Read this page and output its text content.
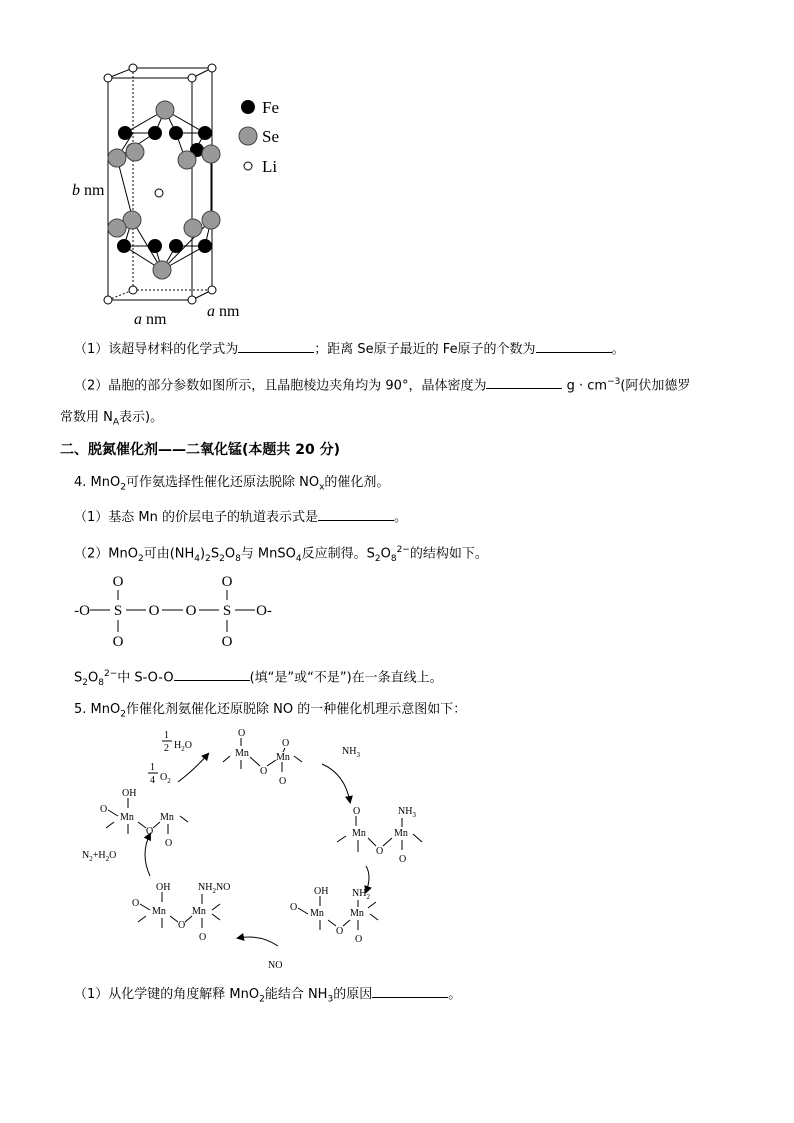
b nm
a nm	a nm
Fe
Se
Li
（1）该超导材料的化学式为	；距离 Se原子最近的 Fe原子的个数为	。
（2）晶胞的部分参数如图所示，且晶胞棱边夹角均为 90°，晶体密度为	$g \cdot cm^{-3}$(阿伏加德罗
常数用 $N_A$表示)。
二、脱氮催化剂——二氧化锰(本题共 20 分)
4. MnO$_2$可作氨选择性催化还原法脱除 $NO_x$的催化剂。
（1）基态 Mn 的价层电子的轨道表示式是	。
（2）MnO$_2$可由$(NH_4)_2S_2O_8$与 MnSO$_4$反应制得。$S_2O_8^{2-}$的结构如下。
O	O
-O S O O S O-
O	O
$S_2O_8^{2-}$中 S-O-O	(填“是”或“不是”)在一条直线上。
5. MnO$_2$作催化剂氨催化还原脱除 NO 的一种催化机理示意图如下：
1
2 $H_2O$
1
4 $O_2$
O
Mn
O
Mn
O
O
$NH_3$
O
Mn
O
Mn
$NH_3$
O
OH
O
Mn
O
Mn
$NH_2$
O
NO
OH
O
Mn
O
Mn
$NH_2NO$
O
$N_2+H_2O$
OH
O
Mn
O
Mn
O
（1）从化学键的角度解释 MnO$_2$能结合 $NH_3$的原因	。
